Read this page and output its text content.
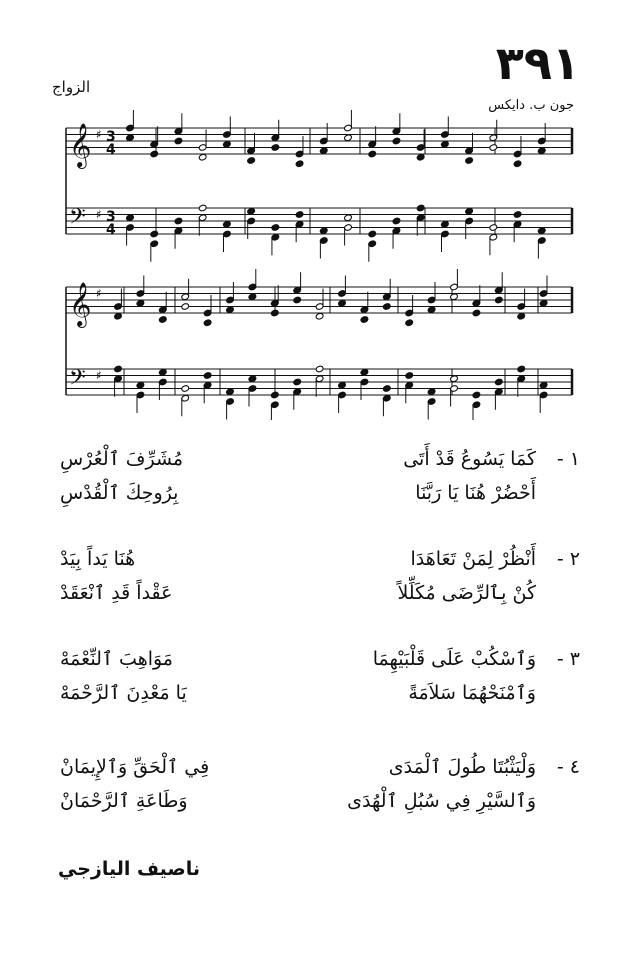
٣٩١
الزواج
جون ب. دايكس
𝄞 ♯ 3
4
𝄢 ♯ 3
4
𝄞 ♯
𝄢 ♯
١ -
كَمَا يَسُوعُ قَدْ أَتَى
مُشَرِّفَ ٱلْعُرْسِ
أَحْضُرْ هُنَا يَا رَبَّنَا
بِرُوحِكَ ٱلْقُدْسِ
٢ -
أَنْظُرْ لِمَنْ تَعَاهَدَا
هُنَا يَداً بِيَدْ
كُنْ بِٱلرِّضَى مُكَلِّلاً
عَقْداً قَدِ ٱنْعَقَدْ
٣ -
وَٱسْكُبْ عَلَى قَلْبَيْهِمَا
مَوَاهِبَ ٱلنِّعْمَهْ
وَٱمْنَحْهُمَا سَلاَمَةً
يَا مَعْدِنَ ٱلرَّحْمَهْ
٤ -
وَلْيَثْبُتَا طُولَ ٱلْمَدَى
فِي ٱلْحَقِّ وَٱلإِيمَانْ
وَٱلسَّيْرِ فِي سُبُلِ ٱلْهُدَى
وَطَاعَةِ ٱلرَّحْمَانْ
ناصيف اليازجي
